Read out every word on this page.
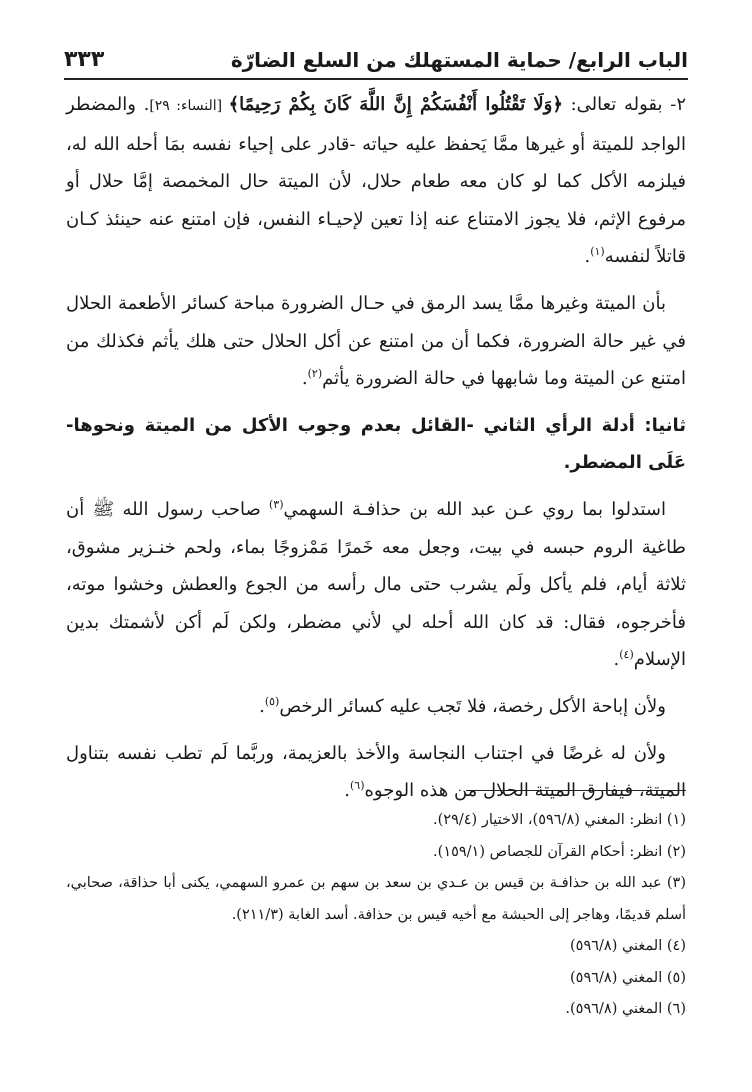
الباب الرابع/ حماية المستهلك من السلع الضارّة
٣٣٣

٢- بقوله تعالى: ﴿وَلَا تَقْتُلُوا أَنْفُسَكُمْ إِنَّ اللَّهَ كَانَ بِكُمْ رَحِيمًا﴾ [النساء: ٢٩]. والمضطر الواجد للميتة أو غيرها ممَّا يَحفظ عليه حياته -قادر على إحياء نفسه بمَا أحله الله له، فيلزمه الأكل كما لو كان معه طعام حلال، لأن الميتة حال المخمصة إمَّا حلال أو مرفوع الإثم، فلا يجوز الامتناع عنه إذا تعين لإحيـاء النفس، فإن امتنع عنه حينئذ كـان قاتلاً لنفسه$^{(١)}$.

بأن الميتة وغيرها ممَّا يسد الرمق في حـال الضرورة مباحة كسائر الأطعمة الحلال في غير حالة الضرورة، فكما أن من امتنع عن أكل الحلال حتى هلك يأثم فكذلك من امتنع عن الميتة وما شابهها في حالة الضرورة يأثم$^{(٢)}$.

ثانيا: أدلة الرأي الثاني -القائل بعدم وجوب الأكل من الميتة ونحوها- عَلَى المضطر.

استدلوا بما روي عـن عبد الله بن حذافـة السهمي$^{(٣)}$ صاحب رسول الله ﷺ أن طاغية الروم حبسه في بيت، وجعل معه خَمرًا مَمْزوجًا بماء، ولحم خنـزير مشوق، ثلاثة أيام، فلم يأكل ولَم يشرب حتى مال رأسه من الجوع والعطش وخشوا موته، فأخرجوه، فقال: قد كان الله أحله لي لأني مضطر، ولكن لَم أكن لأشمتك بدين الإسلام$^{(٤)}$.

ولأن إباحة الأكل رخصة، فلا تَجب عليه كسائر الرخص$^{(٥)}$.

ولأن له غرضًا في اجتناب النجاسة والأخذ بالعزيمة، وربَّما لَم تطب نفسه بتناول الميتة، فيفارق الميتة الحلال من هذه الوجوه$^{(٦)}$.

(١) انظر: المغني (٥٩٦/٨)، الاختيار (٢٩/٤).

(٢) انظر: أحكام القرآن للجصاص (١٥٩/١).

(٣) عبد الله بن حذافـة بن قيس بن عـدي بن سعد بن سهم بن عمرو السهمي، يكنى أبا حذاقة، صحابي، أسلم قديمًا، وهاجر إلى الحبشة مع أخيه قيس بن حذافة. أسد الغابة (٢١١/٣).

(٤) المغني (٥٩٦/٨)

(٥) المغني (٥٩٦/٨)

(٦) المغني (٥٩٦/٨).
